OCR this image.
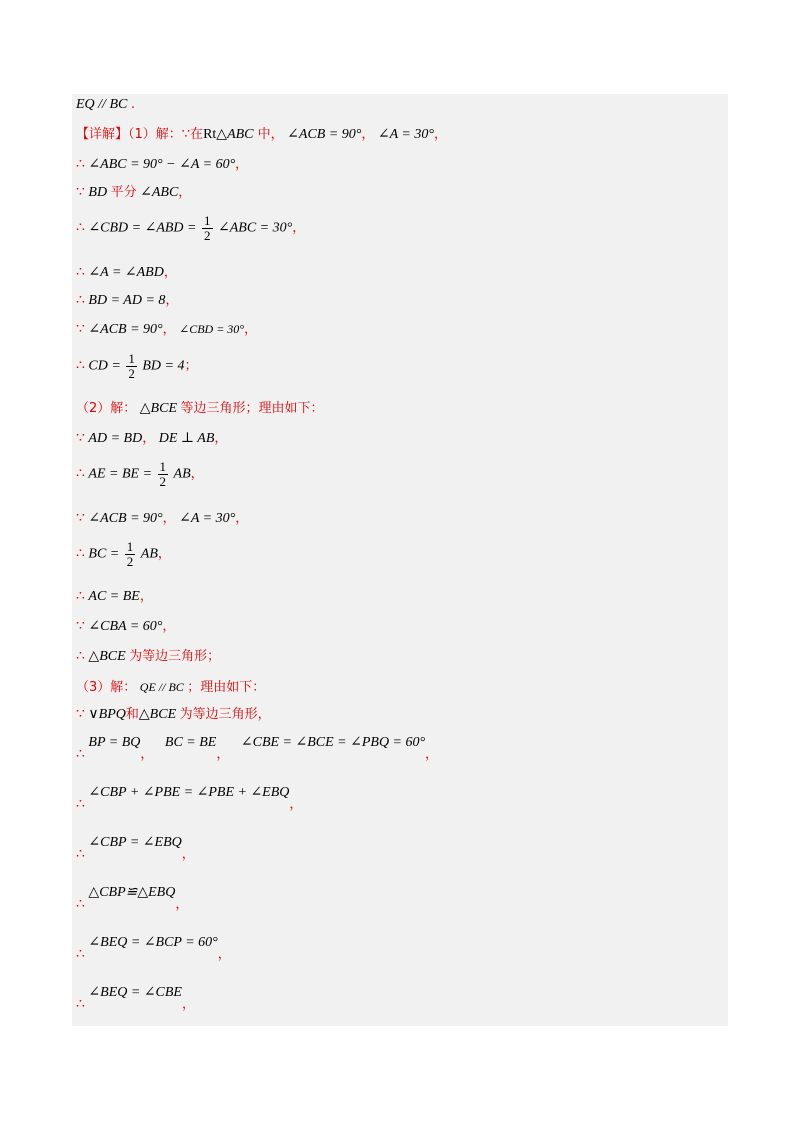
EQ // BC .
【详解】（1）解：∵在Rt△ABC 中， ∠ACB = 90°， ∠A = 30°，
∴ ∠ABC = 90° − ∠A = 60°，
∵ BD 平分 ∠ABC，
∴ ∠CBD = ∠ABD = $\frac{1}{2}$ ∠ABC = 30°，
∴ ∠A = ∠ABD，
∴ BD = AD = 8，
∵ ∠ACB = 90°， ∠CBD = 30°，
∴ CD = $\frac{1}{2}$ BD = 4；
（2）解： △BCE 等边三角形；理由如下：
∵ AD = BD， DE ⊥ AB，
∴ AE = BE = $\frac{1}{2}$ AB，
∵ ∠ACB = 90°， ∠A = 30°，
∴ BC = $\frac{1}{2}$ AB，
∴ AC = BE，
∵ ∠CBA = 60°，
∴ △BCE 为等边三角形；
（3）解： QE // BC ；理由如下：
∵ ∨BPQ和△BCE 为等边三角形，
∴ BP = BQ， BC = BE， ∠CBE = ∠BCE = ∠PBQ = 60°，
∴ ∠CBP + ∠PBE = ∠PBE + ∠EBQ，
∴ ∠CBP = ∠EBQ，
∴ △CBP≌△EBQ，
∴ ∠BEQ = ∠BCP = 60°，
∴ ∠BEQ = ∠CBE，
